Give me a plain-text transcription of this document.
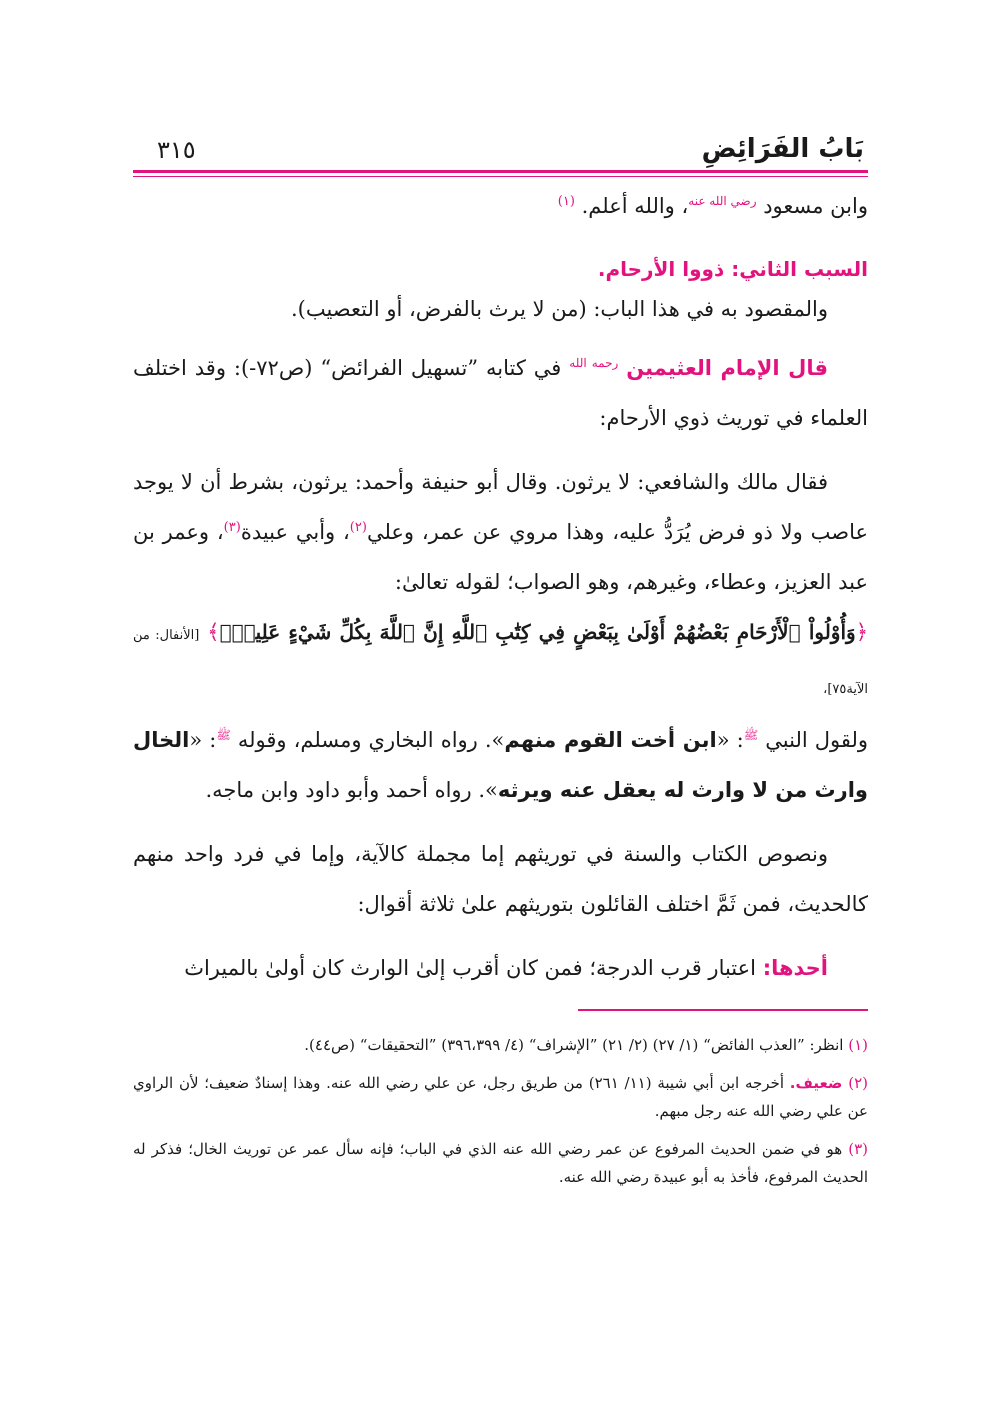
بَابُ الفَرَائِضِ
٣١٥

وابن مسعود $^{رضي الله عنه}$، والله أعلم. $^{(١)}$

السبب الثاني: ذووا الأرحام.

والمقصود به في هذا الباب: (من لا يرث بالفرض، أو التعصيب).

قال الإمام العثيمين $^{رحمه الله}$ في كتابه ”تسهيل الفرائض“ (ص٧٢-): وقد اختلف العلماء في توريث ذوي الأرحام:

فقال مالك والشافعي: لا يرثون. وقال أبو حنيفة وأحمد: يرثون، بشرط أن لا يوجد عاصب ولا ذو فرض يُرَدُّ عليه، وهذا مروي عن عمر، وعلي$^{(٢)}$، وأبي عبيدة$^{(٣)}$، وعمر بن عبد العزيز، وعطاء، وغيرهم، وهو الصواب؛ لقوله تعالىٰ:
﴿وَأُوْلُواْ ٱلْأَرْحَامِ بَعْضُهُمْ أَوْلَىٰ بِبَعْضٍ فِي كِتَٰبِ ٱللَّهِ إِنَّ ٱللَّهَ بِكُلِّ شَيْءٍ عَلِيمُۢ﴾ [الأنفال: من الآية٧٥]،
ولقول النبي $^ﷺ$: «ابن أخت القوم منهم». رواه البخاري ومسلم، وقوله $^ﷺ$: «الخال وارث من لا وارث له يعقل عنه ويرثه». رواه أحمد وأبو داود وابن ماجه.

ونصوص الكتاب والسنة في توريثهم إما مجملة كالآية، وإما في فرد واحد منهم كالحديث، فمن ثَمَّ اختلف القائلون بتوريثهم علىٰ ثلاثة أقوال:

أحدها: اعتبار قرب الدرجة؛ فمن كان أقرب إلىٰ الوارث كان أولىٰ بالميراث

(١) انظر: ”العذب الفائض“ (١/ ٢٧) (٢/ ٢١) ”الإشراف“ (٤/ ٣٩٦،٣٩٩) ”التحقيقات“ (ص٤٤).

(٢) ضعيف. أخرجه ابن أبي شيبة (١١/ ٢٦١) من طريق رجل، عن علي رضي الله عنه. وهذا إسنادٌ ضعيف؛ لأن الراوي عن علي رضي الله عنه رجل مبهم.

(٣) هو في ضمن الحديث المرفوع عن عمر رضي الله عنه الذي في الباب؛ فإنه سأل عمر عن توريث الخال؛ فذكر له الحديث المرفوع، فأخذ به أبو عبيدة رضي الله عنه.
